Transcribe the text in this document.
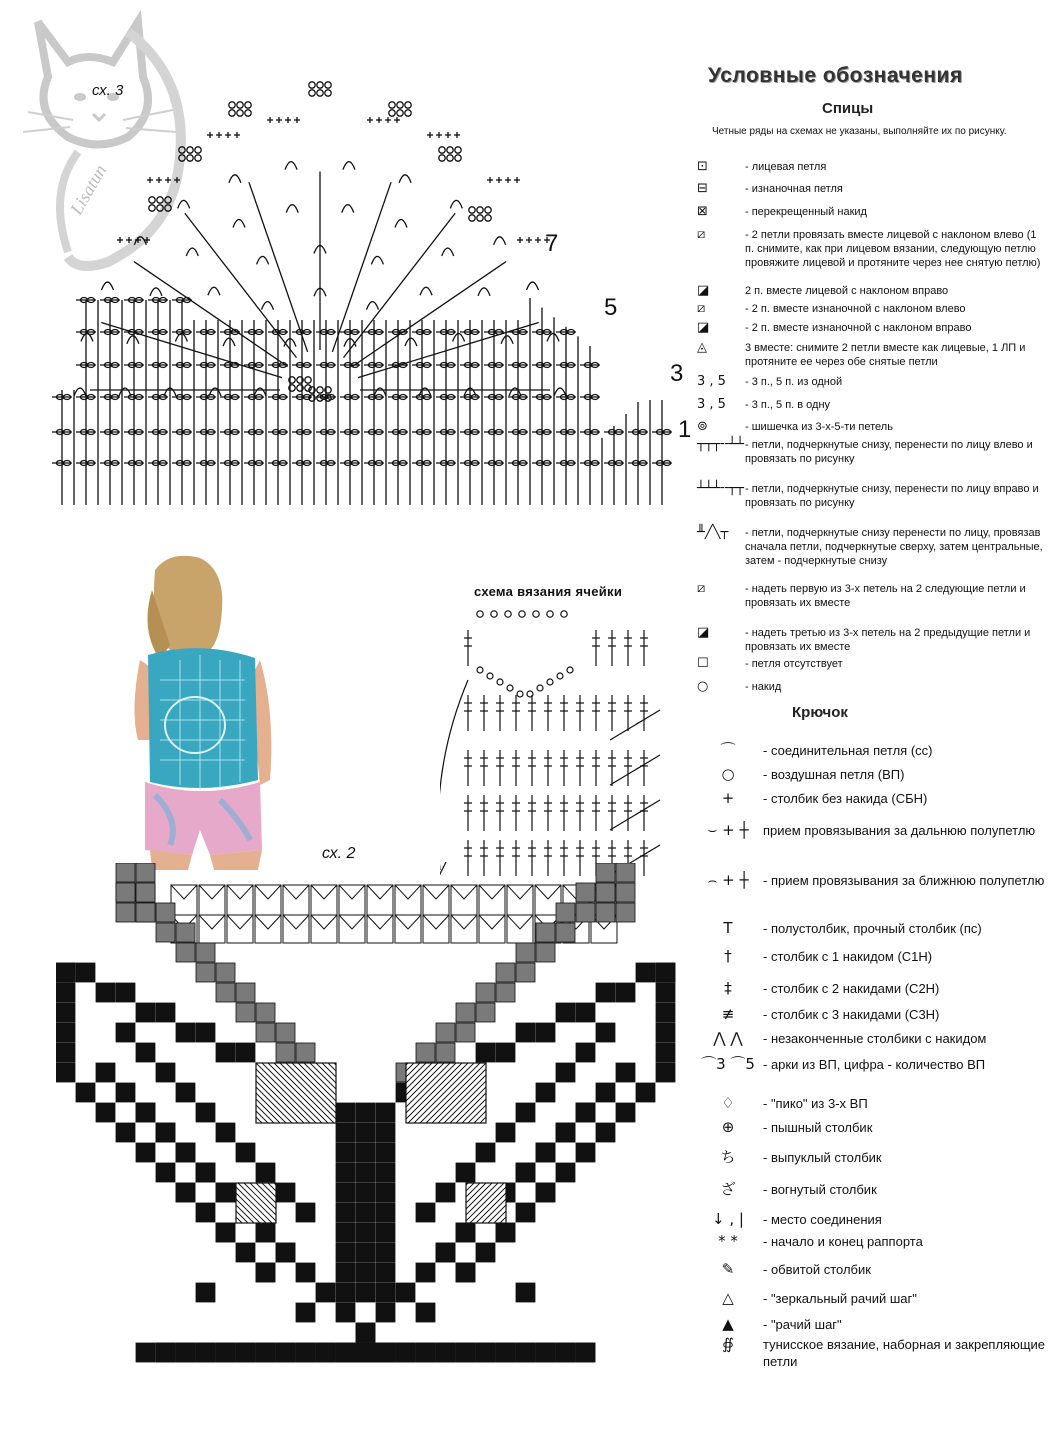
Lisatun
сх. 3
7
5
3
1
схема вязания ячейки
сх. 2
Условные обозначения
Спицы
Четные ряды на схемах не указаны, выполняйте их по рисунку.
⊡	- лицевая петля
⊟	- изнаночная петля
⊠	- перекрещенный накид
⧄	- 2 петли провязать вместе лицевой с наклоном влево (1 п. снимите, как при лицевом вязании, следующую петлю провяжите лицевой и протяните через нее снятую петлю)
◪	2 п. вместе лицевой с наклоном вправо
⧄	- 2 п. вместе изнаночной с наклоном влево
◪	- 2 п. вместе изнаночной с наклоном вправо
◬	3 вместе: снимите 2 петли вместе как лицевые, 1 ЛП и протяните ее через обе снятые петли
3 , 5	- 3 п., 5 п. из одной
3 , 5	- 3 п., 5 п. в одну
⊚	- шишечка из 3-х-5-ти петель
┬┬┬╌┴┴ - петли, подчеркнутые снизу, перенести по лицу влево и провязать по рисунку
┴┴┴╌┬┬ - петли, подчеркнутые снизу, перенести по лицу вправо и провязать по рисунку
╨╱╲┬	- петли, подчеркнутые снизу перенести по лицу, провязав сначала петли, подчеркнутые сверху, затем центральные, затем - подчеркнутые снизу
⧄	- надеть первую из 3-х петель на 2 следующие петли и провязать их вместе
◪	- надеть третью из 3-х петель на 2 предыдущие петли и провязать их вместе
☐	- петля отсутствует
○	- накид
Крючок
⌒	- соединительная петля (сс)
○	- воздушная петля (ВП)
+	- столбик без накида (СБН)
⌣ + ┼	прием провязывания за дальнюю полупетлю
⌢ + ┼	- прием провязывания за ближнюю полупетлю
T	- полустолбик, прочный столбик (пс)
†	- столбик с 1 накидом (С1Н)
‡	- столбик с 2 накидами (С2Н)
≢	- столбик с 3 накидами (С3Н)
⋀ ⋀	- незаконченные столбики с накидом
⌒3 ⌒5 - арки из ВП, цифра - количество ВП
♢	- "пико" из 3-х ВП
⊕	- пышный столбик
ち	- выпуклый столбик
ざ	- вогнутый столбик
↓ , |	- место соединения
* *	- начало и конец раппорта
✎	- обвитой столбик
△	- "зеркальный рачий шаг"
▲	- "рачий шаг"
∯	тунисское вязание, наборная и закрепляющие петли
